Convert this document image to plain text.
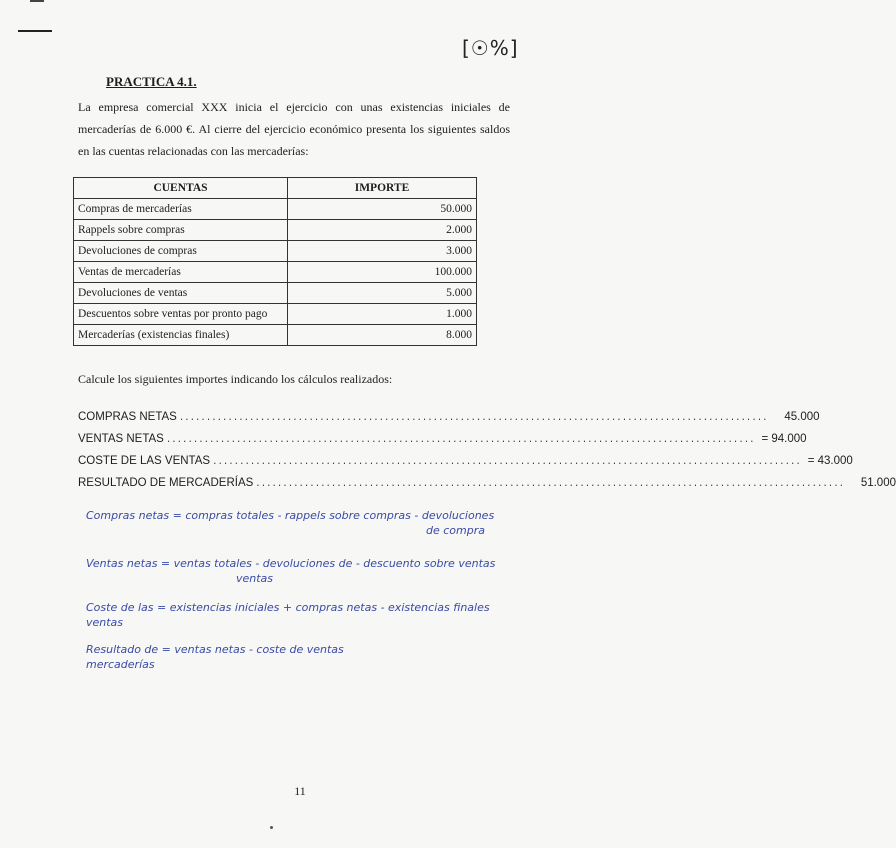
[☉%]
PRACTICA 4.1.
La empresa comercial XXX inicia el ejercicio con unas existencias iniciales de mercaderías de 6.000 €. Al cierre del ejercicio económico presenta los siguientes saldos en las cuentas relacionadas con las mercaderías:
CUENTAS	IMPORTE
Compras de mercaderías	50.000
Rappels sobre compras	2.000
Devoluciones de compras	3.000
Ventas de mercaderías	100.000
Devoluciones de ventas	5.000
Descuentos sobre ventas por pronto pago	1.000
Mercaderías (existencias finales)	8.000
Calcule los siguientes importes indicando los cálculos realizados:
COMPRAS NETAS .............................................................................................................	45.000
VENTAS NETAS ............................................................................................................. = 94.000
COSTE DE LAS VENTAS ............................................................................................................. = 43.000
RESULTADO DE MERCADERÍAS .............................................................................................................	51.000
Compras netas = compras totales - rappels sobre compras - devoluciones
de compra
Ventas netas = ventas totales - devoluciones de - descuento sobre ventas
ventas
Coste de las = existencias iniciales + compras netas - existencias finales
ventas
Resultado de = ventas netas - coste de ventas
mercaderías
11
